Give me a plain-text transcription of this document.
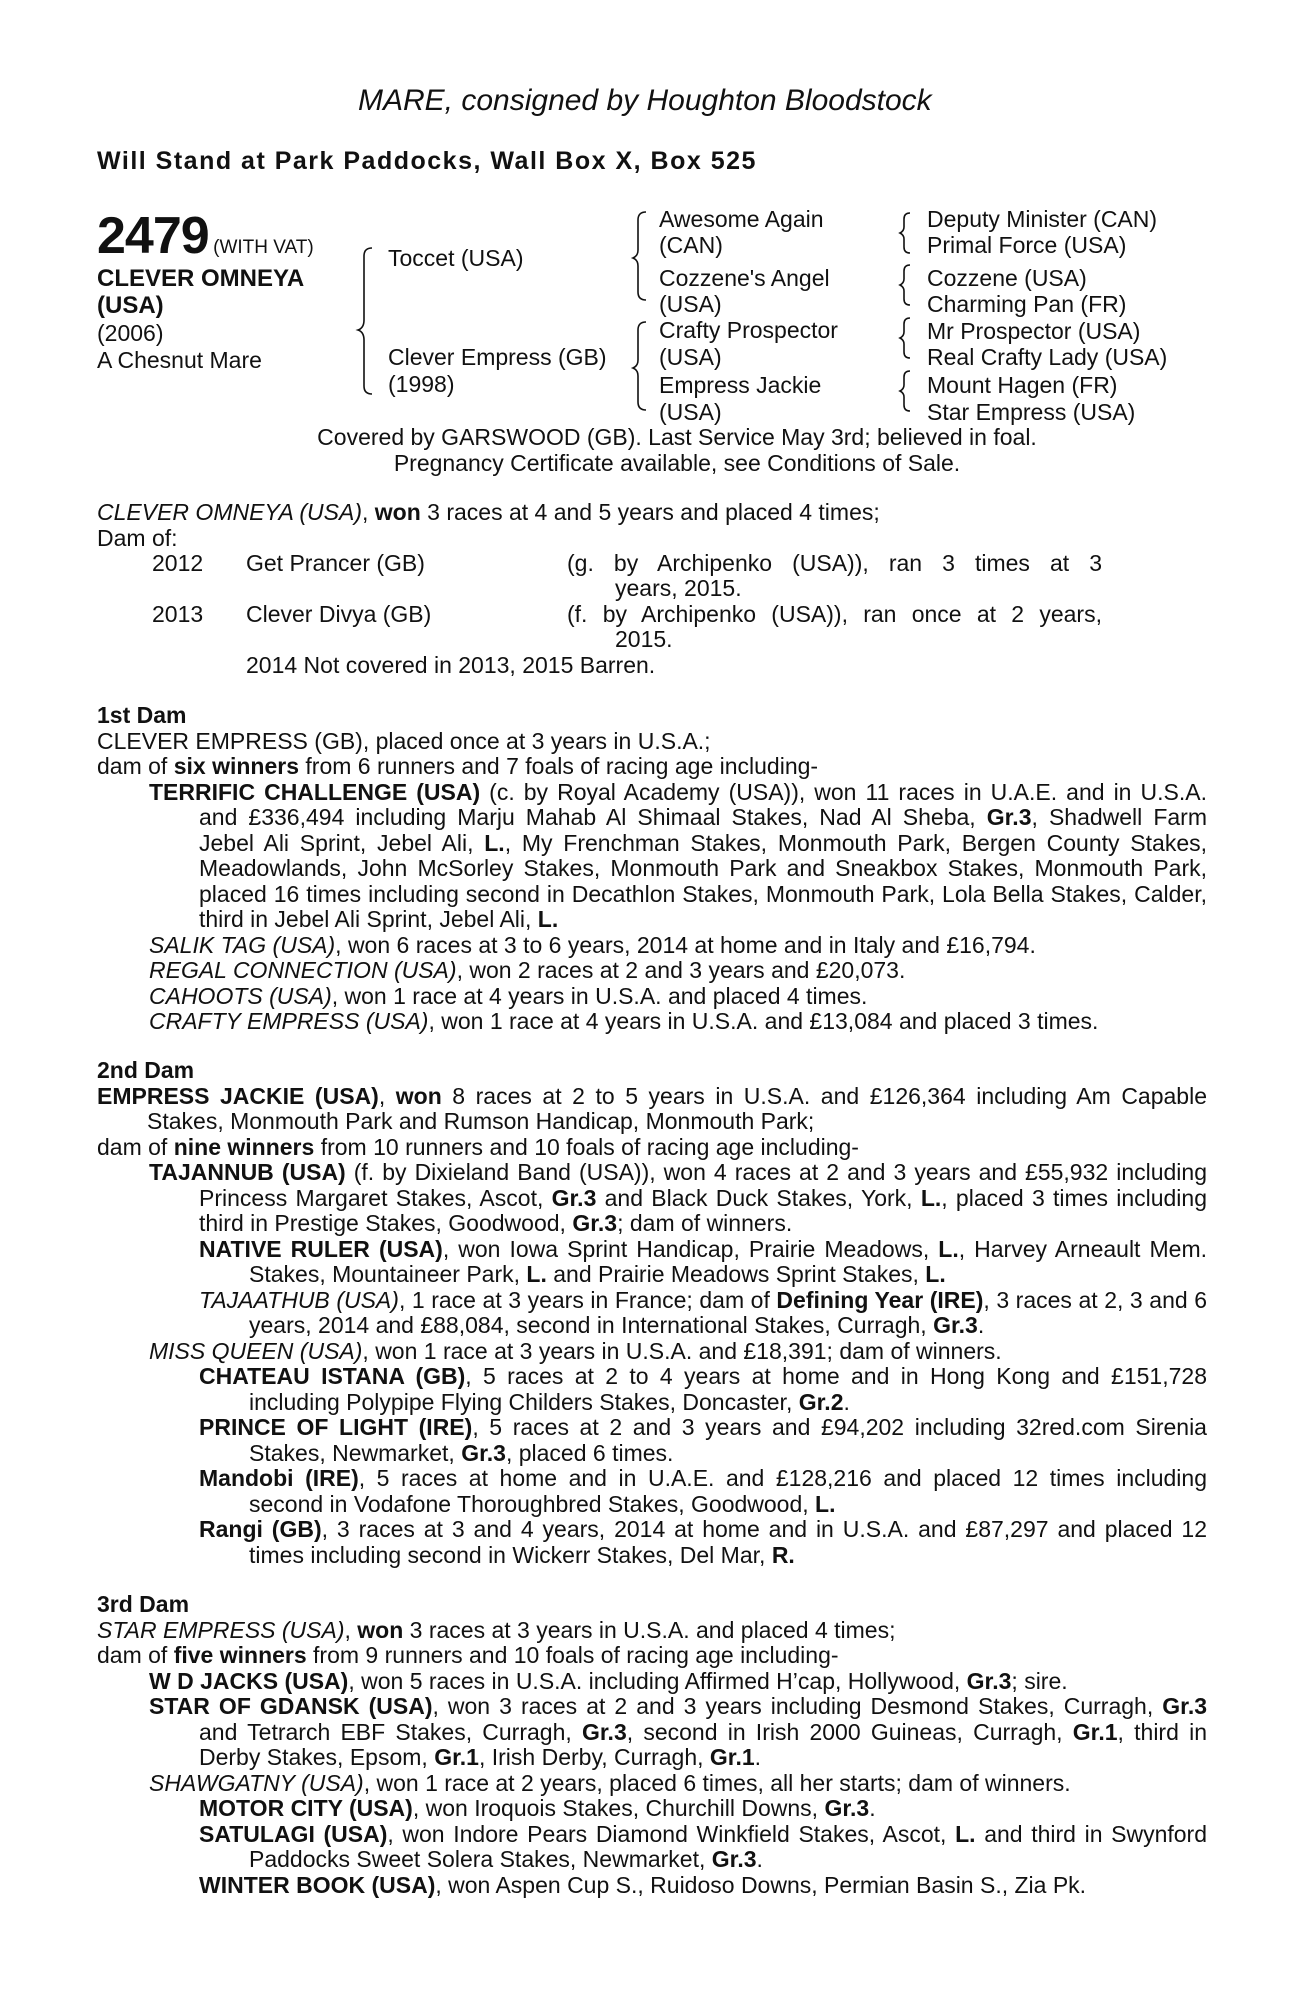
MARE, consigned by Houghton Bloodstock
Will Stand at Park Paddocks, Wall Box X, Box 525
2479 (WITH VAT)
CLEVER OMNEYA
(USA)
(2006)
A Chesnut Mare
Toccet (USA)
Clever Empress (GB)
(1998)
Awesome Again
(CAN)
Cozzene's Angel
(USA)
Crafty Prospector
(USA)
Empress Jackie
(USA)
Deputy Minister (CAN)
Primal Force (USA)
Cozzene (USA)
Charming Pan (FR)
Mr Prospector (USA)
Real Crafty Lady (USA)
Mount Hagen (FR)
Star Empress (USA)
Covered by GARSWOOD (GB). Last Service May 3rd; believed in foal.
Pregnancy Certificate available, see Conditions of Sale.

CLEVER OMNEYA (USA), won 3 races at 4 and 5 years and placed 4 times;

Dam of:

2012 Get Prancer (GB)	(g. by Archipenko (USA)), ran 3 times at 3
years, 2015.
2013 Clever Divya (GB)	(f. by Archipenko (USA)), ran once at 2 years,
2015.
2014 Not covered in 2013, 2015 Barren.

1st Dam

CLEVER EMPRESS (GB), placed once at 3 years in U.S.A.;

dam of six winners from 6 runners and 7 foals of racing age including-

TERRIFIC CHALLENGE (USA) (c. by Royal Academy (USA)), won 11 races in U.A.E. and in U.S.A. and £336,494 including Marju Mahab Al Shimaal Stakes, Nad Al Sheba, Gr.3, Shadwell Farm Jebel Ali Sprint, Jebel Ali, L., My Frenchman Stakes, Monmouth Park, Bergen County Stakes, Meadowlands, John McSorley Stakes, Monmouth Park and Sneakbox Stakes, Monmouth Park, placed 16 times including second in Decathlon Stakes, Monmouth Park, Lola Bella Stakes, Calder, third in Jebel Ali Sprint, Jebel Ali, L.

SALIK TAG (USA), won 6 races at 3 to 6 years, 2014 at home and in Italy and £16,794.

REGAL CONNECTION (USA), won 2 races at 2 and 3 years and £20,073.

CAHOOTS (USA), won 1 race at 4 years in U.S.A. and placed 4 times.

CRAFTY EMPRESS (USA), won 1 race at 4 years in U.S.A. and £13,084 and placed 3 times.

2nd Dam

EMPRESS JACKIE (USA), won 8 races at 2 to 5 years in U.S.A. and £126,364 including Am Capable Stakes, Monmouth Park and Rumson Handicap, Monmouth Park;

dam of nine winners from 10 runners and 10 foals of racing age including-

TAJANNUB (USA) (f. by Dixieland Band (USA)), won 4 races at 2 and 3 years and £55,932 including Princess Margaret Stakes, Ascot, Gr.3 and Black Duck Stakes, York, L., placed 3 times including third in Prestige Stakes, Goodwood, Gr.3; dam of winners.

NATIVE RULER (USA), won Iowa Sprint Handicap, Prairie Meadows, L., Harvey Arneault Mem. Stakes, Mountaineer Park, L. and Prairie Meadows Sprint Stakes, L.

TAJAATHUB (USA), 1 race at 3 years in France; dam of Defining Year (IRE), 3 races at 2, 3 and 6 years, 2014 and £88,084, second in International Stakes, Curragh, Gr.3.

MISS QUEEN (USA), won 1 race at 3 years in U.S.A. and £18,391; dam of winners.

CHATEAU ISTANA (GB), 5 races at 2 to 4 years at home and in Hong Kong and £151,728 including Polypipe Flying Childers Stakes, Doncaster, Gr.2.

PRINCE OF LIGHT (IRE), 5 races at 2 and 3 years and £94,202 including 32red.com Sirenia Stakes, Newmarket, Gr.3, placed 6 times.

Mandobi (IRE), 5 races at home and in U.A.E. and £128,216 and placed 12 times including second in Vodafone Thoroughbred Stakes, Goodwood, L.

Rangi (GB), 3 races at 3 and 4 years, 2014 at home and in U.S.A. and £87,297 and placed 12 times including second in Wickerr Stakes, Del Mar, R.

3rd Dam

STAR EMPRESS (USA), won 3 races at 3 years in U.S.A. and placed 4 times;

dam of five winners from 9 runners and 10 foals of racing age including-

W D JACKS (USA), won 5 races in U.S.A. including Affirmed H’cap, Hollywood, Gr.3; sire.

STAR OF GDANSK (USA), won 3 races at 2 and 3 years including Desmond Stakes, Curragh, Gr.3 and Tetrarch EBF Stakes, Curragh, Gr.3, second in Irish 2000 Guineas, Curragh, Gr.1, third in Derby Stakes, Epsom, Gr.1, Irish Derby, Curragh, Gr.1.

SHAWGATNY (USA), won 1 race at 2 years, placed 6 times, all her starts; dam of winners.

MOTOR CITY (USA), won Iroquois Stakes, Churchill Downs, Gr.3.

SATULAGI (USA), won Indore Pears Diamond Winkfield Stakes, Ascot, L. and third in Swynford Paddocks Sweet Solera Stakes, Newmarket, Gr.3.

WINTER BOOK (USA), won Aspen Cup S., Ruidoso Downs, Permian Basin S., Zia Pk.
